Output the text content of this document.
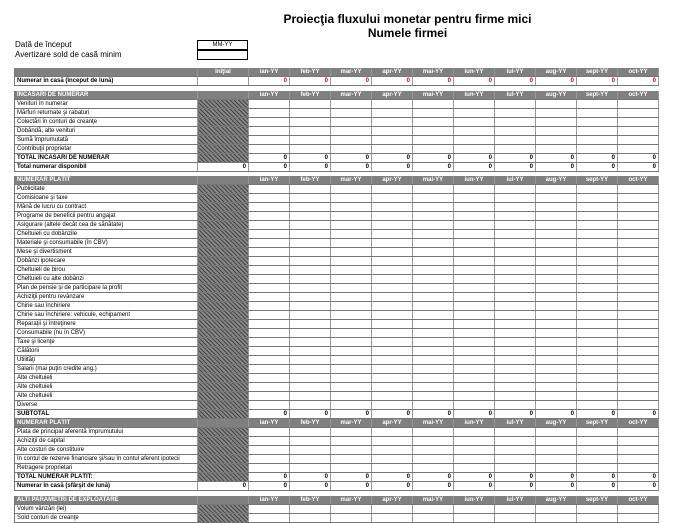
Proiecţia fluxului monetar pentru firme mici
Numele firmei
Dată de început	MM-YY
Avertizare sold de casă minim
	Iniţial	ian-YY	feb-YY	mar-YY	apr-YY	mai-YY	iun-YY	iul-YY	aug-YY	sept-YY	oct-YY
Numerar în casă (început de lună)		0	0	0	0	0	0	0	0	0	0

ÎNCASĂRI DE NUMERAR		ian-YY	feb-YY	mar-YY	apr-YY	mai-YY	iun-YY	iul-YY	aug-YY	sept-YY	oct-YY
Venituri în numerar											
Mărfuri returnate şi rabaturi											
Colectări în conturi de creanţe											
Dobândă, alte venituri											
Sumă împrumutată											
Contribuţii proprietar											
TOTAL ÎNCASĂRI DE NUMERAR		0	0	0	0	0	0	0	0	0	0
Total numerar disponibil	0	0	0	0	0	0	0	0	0	0	0

NUMERAR PLĂTIT		ian-YY	feb-YY	mar-YY	apr-YY	mai-YY	iun-YY	iul-YY	aug-YY	sept-YY	oct-YY
Publicitate											
Comisioane şi taxe											
Mână de lucru cu contract											
Programe de beneficii pentru angajat											
Asigurare (altele decât cea de sănătate)											
Cheltuieli cu dobânzile											
Materiale şi consumabile (în CBV)											
Mese şi divertisment											
Dobânzi ipotecare											
Cheltuieli de birou											
Cheltuieli cu alte dobânzi											
Plan de pensie şi de participare la profit											
Achiziţii pentru revânzare											
Chirie sau închiriere											
Chirie sau închiriere: vehicule, echipament											
Reparaţii şi întreţinere											
Consumabile (nu în CBV)											
Taxe şi licenţe											
Călătorii											
Utilităţi											
Salarii (mai puţin credite ang.)											
Alte cheltuieli											
Alte cheltuieli											
Alte cheltuieli											
Diverse											
SUBTOTAL		0	0	0	0	0	0	0	0	0	0
NUMERAR PLĂTIT		ian-YY	feb-YY	mar-YY	apr-YY	mai-YY	iun-YY	iul-YY	aug-YY	sept-YY	oct-YY
Plata de principal aferentă împrumutului											
Achiziţii de capital											
Alte costuri de constituire											
În contul de rezerve financiare şi/sau în contul aferent ipotecii											
Retragere proprietari											
TOTAL NUMERAR PLĂTIT:		0	0	0	0	0	0	0	0	0	0
Numerar în casă (sfârşit de lună)	0	0	0	0	0	0	0	0	0	0	0

ALTI PARAMETRI DE EXPLOATARE		ian-YY	feb-YY	mar-YY	apr-YY	mai-YY	iun-YY	iul-YY	aug-YY	sept-YY	oct-YY
Volum vânzări (lei)											
Sold conturi de creanţe											
